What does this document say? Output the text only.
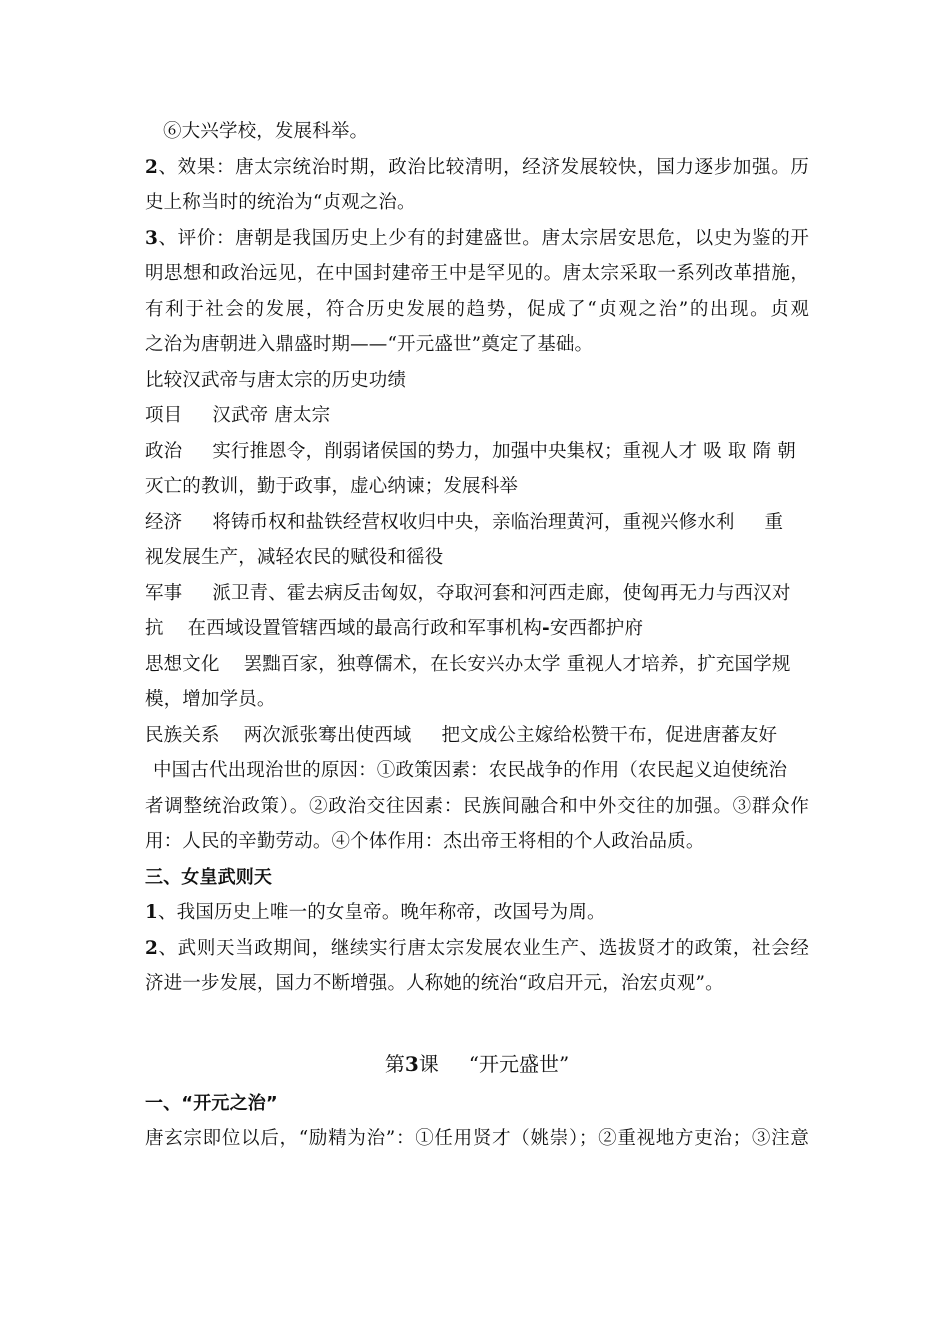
⑥大兴学校，发展科举。
2、效果：唐太宗统治时期，政治比较清明，经济发展较快，国力逐步加强。历
史上称当时的统治为“贞观之治。
3、评价：唐朝是我国历史上少有的封建盛世。唐太宗居安思危，以史为鉴的开
明思想和政治远见，在中国封建帝王中是罕见的。唐太宗采取一系列改革措施，
有利于社会的发展，符合历史发展的趋势，促成了“贞观之治”的出现。贞观
之治为唐朝进入鼎盛时期——“开元盛世”奠定了基础。
比较汉武帝与唐太宗的历史功绩
项目 汉武帝 唐太宗
政治 实行推恩令，削弱诸侯国的势力，加强中央集权；重视人才 吸 取 隋 朝
灭亡的教训，勤于政事，虚心纳谏；发展科举
经济 将铸币权和盐铁经营权收归中央，亲临治理黄河，重视兴修水利 重
视发展生产，减轻农民的赋役和徭役
军事 派卫青、霍去病反击匈奴，夺取河套和河西走廊，使匈再无力与西汉对
抗 在西域设置管辖西域的最高行政和军事机构-安西都护府
思想文化 罢黜百家，独尊儒术，在长安兴办太学 重视人才培养，扩充国学规
模，增加学员。
民族关系 两次派张骞出使西域 把文成公主嫁给松赞干布，促进唐蕃友好
中国古代出现治世的原因：①政策因素：农民战争的作用（农民起义迫使统治
者调整统治政策）。②政治交往因素：民族间融合和中外交往的加强。③群众作
用：人民的辛勤劳动。④个体作用：杰出帝王将相的个人政治品质。
三、女皇武则天
1、我国历史上唯一的女皇帝。晚年称帝，改国号为周。
2、武则天当政期间，继续实行唐太宗发展农业生产、选拔贤才的政策，社会经
济进一步发展，国力不断增强。人称她的统治“政启开元，治宏贞观”。
第3课 “开元盛世”
一、“开元之治”
唐玄宗即位以后，“励精为治”：①任用贤才（姚崇）；②重视地方吏治；③注意
